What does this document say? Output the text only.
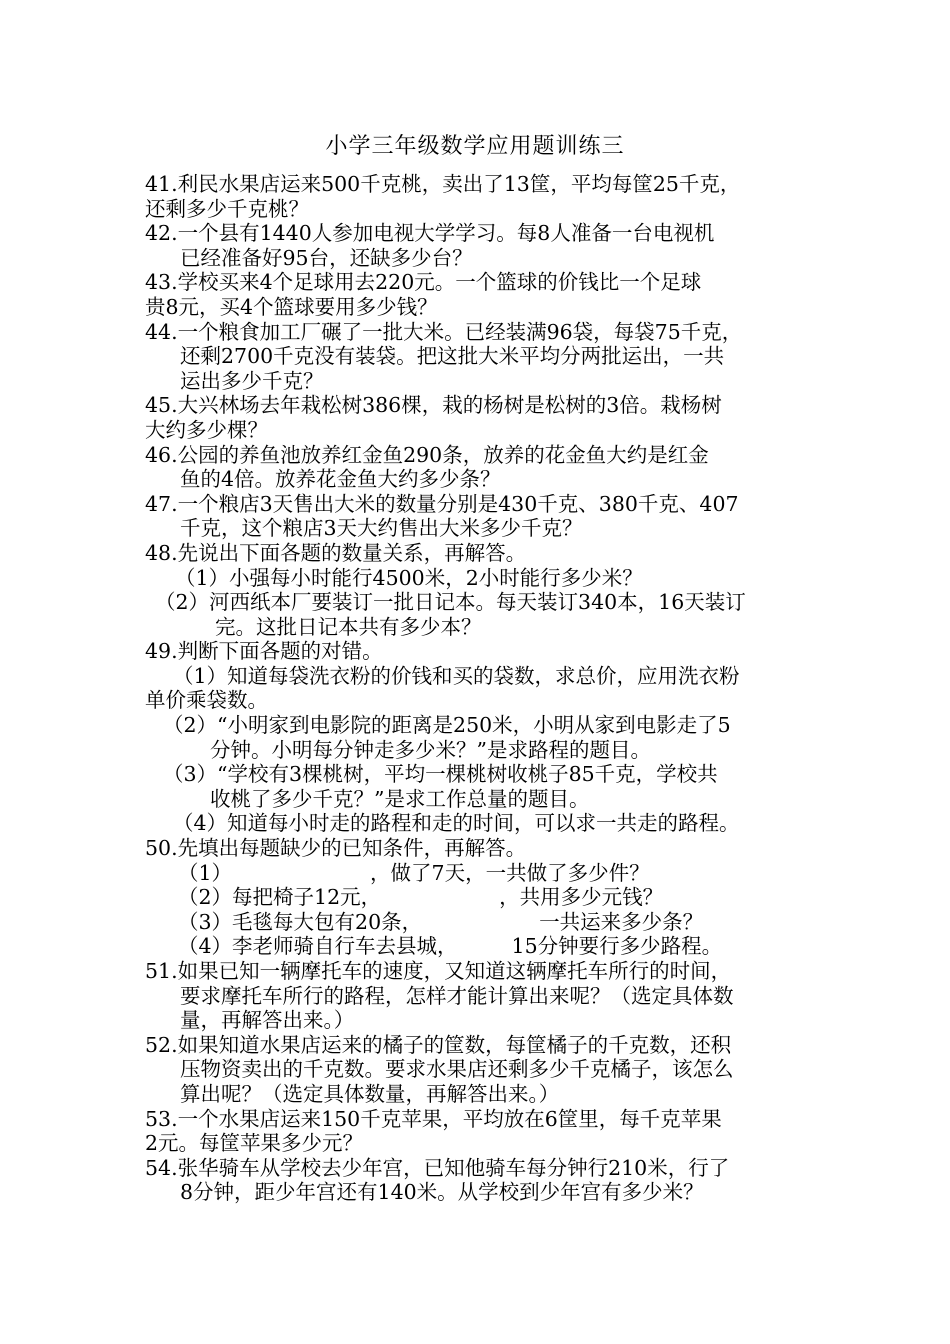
小学三年级数学应用题训练三
41.利民水果店运来500千克桃，卖出了13筐，平均每筐25千克，
还剩多少千克桃？
42.一个县有1440人参加电视大学学习。每8人准备一台电视机
已经准备好95台，还缺多少台？
43.学校买来4个足球用去220元。一个篮球的价钱比一个足球
贵8元，买4个篮球要用多少钱？
44.一个粮食加工厂碾了一批大米。已经装满96袋，每袋75千克，
还剩2700千克没有装袋。把这批大米平均分两批运出，一共
运出多少千克？
45.大兴林场去年栽松树386棵，栽的杨树是松树的3倍。栽杨树
大约多少棵？
46.公园的养鱼池放养红金鱼290条，放养的花金鱼大约是红金
鱼的4倍。放养花金鱼大约多少条？
47.一个粮店3天售出大米的数量分别是430千克、380千克、407
千克，这个粮店3天大约售出大米多少千克？
48.先说出下面各题的数量关系，再解答。
（1）小强每小时能行4500米，2小时能行多少米？
（2）河西纸本厂要装订一批日记本。每天装订340本，16天装订
完。这批日记本共有多少本？
49.判断下面各题的对错。
（1）知道每袋洗衣粉的价钱和买的袋数，求总价，应用洗衣粉
单价乘袋数。
（2）“小明家到电影院的距离是250米，小明从家到电影走了5
分钟。小明每分钟走多少米？”是求路程的题目。
（3）“学校有3棵桃树，平均一棵桃树收桃子85千克，学校共
收桃了多少千克？”是求工作总量的题目。
（4）知道每小时走的路程和走的时间，可以求一共走的路程。
50.先填出每题缺少的已知条件，再解答。
（1）	，做了7天，一共做了多少件？
（2）每把椅子12元，	，共用多少元钱？
（3）毛毯每大包有20条，	一共运来多少条？
（4）李老师骑自行车去县城，	15分钟要行多少路程。
51.如果已知一辆摩托车的速度，又知道这辆摩托车所行的时间，
要求摩托车所行的路程，怎样才能计算出来呢？（选定具体数
量，再解答出来。）
52.如果知道水果店运来的橘子的筐数，每筐橘子的千克数，还积
压物资卖出的千克数。要求水果店还剩多少千克橘子，该怎么
算出呢？（选定具体数量，再解答出来。）
53.一个水果店运来150千克苹果，平均放在6筐里，每千克苹果
2元。每筐苹果多少元？
54.张华骑车从学校去少年宫，已知他骑车每分钟行210米，行了
8分钟，距少年宫还有140米。从学校到少年宫有多少米？
